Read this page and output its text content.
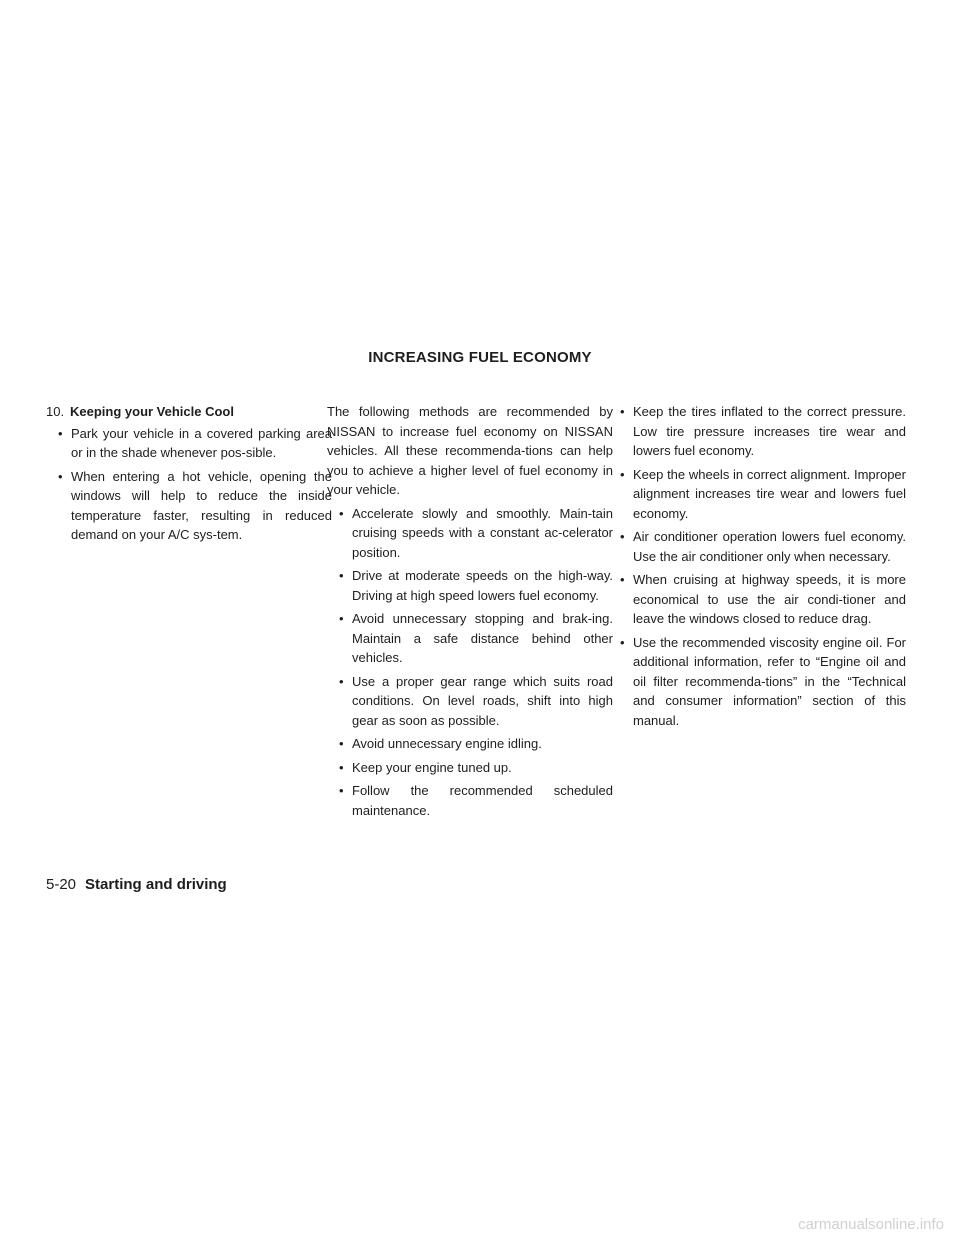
INCREASING FUEL ECONOMY
10. Keeping your Vehicle Cool
• Park your vehicle in a covered parking area or in the shade whenever pos-sible.
• When entering a hot vehicle, opening the windows will help to reduce the inside temperature faster, resulting in reduced demand on your A/C sys-tem.

The following methods are recommended by NISSAN to increase fuel economy on NISSAN vehicles. All these recommenda-tions can help you to achieve a higher level of fuel economy in your vehicle.

• Accelerate slowly and smoothly. Main-tain cruising speeds with a constant ac-celerator position.
• Drive at moderate speeds on the high-way. Driving at high speed lowers fuel economy.
• Avoid unnecessary stopping and brak-ing. Maintain a safe distance behind other vehicles.
• Use a proper gear range which suits road conditions. On level roads, shift into high gear as soon as possible.
• Avoid unnecessary engine idling.
• Keep your engine tuned up.
• Follow the recommended scheduled maintenance.
• Keep the tires inflated to the correct pressure. Low tire pressure increases tire wear and lowers fuel economy.
• Keep the wheels in correct alignment. Improper alignment increases tire wear and lowers fuel economy.
• Air conditioner operation lowers fuel economy. Use the air conditioner only when necessary.
• When cruising at highway speeds, it is more economical to use the air condi-tioner and leave the windows closed to reduce drag.
• Use the recommended viscosity engine oil. For additional information, refer to “Engine oil and oil filter recommenda-tions” in the “Technical and consumer information” section of this manual.
5-20 Starting and driving
carmanualsonline.info
